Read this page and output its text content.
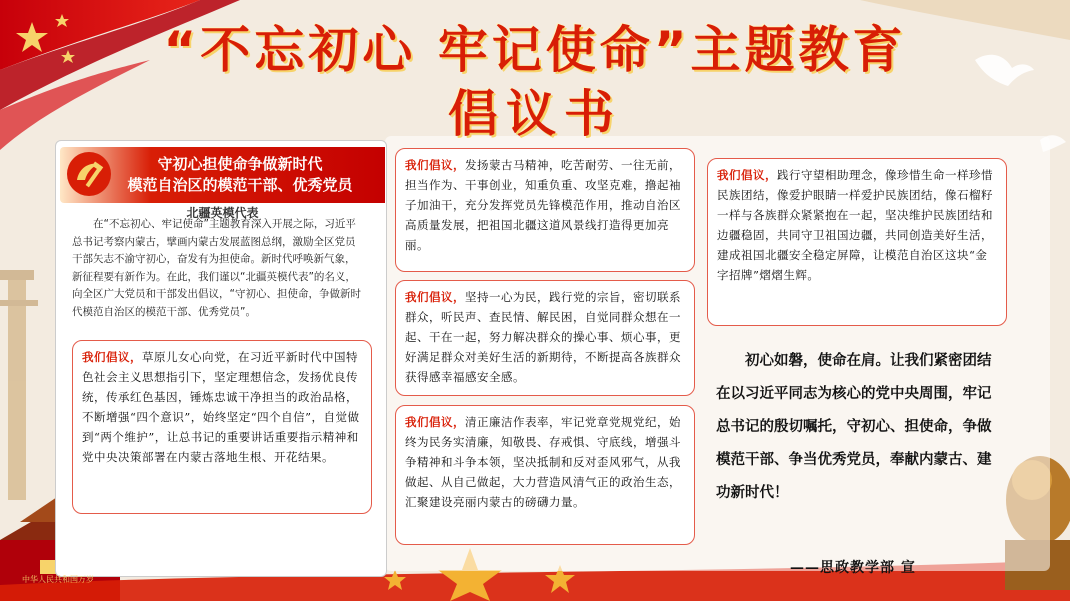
“不忘初心 牢记使命”主题教育
倡议书
守初心担使命争做新时代
模范自治区的模范干部、优秀党员
北疆英模代表

在“不忘初心、牢记使命”主题教育深入开展之际，习近平总书记考察内蒙古，擘画内蒙古发展蓝图总纲，激励全区党员干部矢志不渝守初心，奋发有为担使命。新时代呼唤新气象，新征程要有新作为。在此，我们谨以“北疆英模代表”的名义，向全区广大党员和干部发出倡议，“守初心、担使命，争做新时代模范自治区的模范干部、优秀党员”。

我们倡议，草原儿女心向党，在习近平新时代中国特色社会主义思想指引下，坚定理想信念，发扬优良传统，传承红色基因，锤炼忠诚干净担当的政治品格，不断增强“四个意识”，始终坚定“四个自信”，自觉做到“两个维护”，让总书记的重要讲话重要指示精神和党中央决策部署在内蒙古落地生根、开花结果。
我们倡议，发扬蒙古马精神，吃苦耐劳、一往无前，担当作为、干事创业，知重负重、攻坚克难，撸起袖子加油干，充分发挥党员先锋模范作用，推动自治区高质量发展，把祖国北疆这道风景线打造得更加亮丽。
我们倡议，坚持一心为民，践行党的宗旨，密切联系群众，听民声、查民情、解民困，自觉同群众想在一起、干在一起，努力解决群众的操心事、烦心事，更好满足群众对美好生活的新期待，不断提高各族群众获得感幸福感安全感。
我们倡议，清正廉洁作表率，牢记党章党规党纪，始终为民务实清廉，知敬畏、存戒惧、守底线，增强斗争精神和斗争本领，坚决抵制和反对歪风邪气，从我做起、从自己做起，大力营造风清气正的政治生态，汇聚建设亮丽内蒙古的磅礴力量。
我们倡议，践行守望相助理念，像珍惜生命一样珍惜民族团结，像爱护眼睛一样爱护民族团结，像石榴籽一样与各族群众紧紧抱在一起，坚决维护民族团结和边疆稳固，共同守卫祖国边疆，共同创造美好生活，建成祖国北疆安全稳定屏障，让模范自治区这块“金字招牌”熠熠生辉。

初心如磐，使命在肩。让我们紧密团结在以习近平同志为核心的党中央周围，牢记总书记的殷切嘱托，守初心、担使命，争做模范干部、争当优秀党员，奉献内蒙古、建功新时代！

——思政教学部 宣
中华人民共和国万岁
